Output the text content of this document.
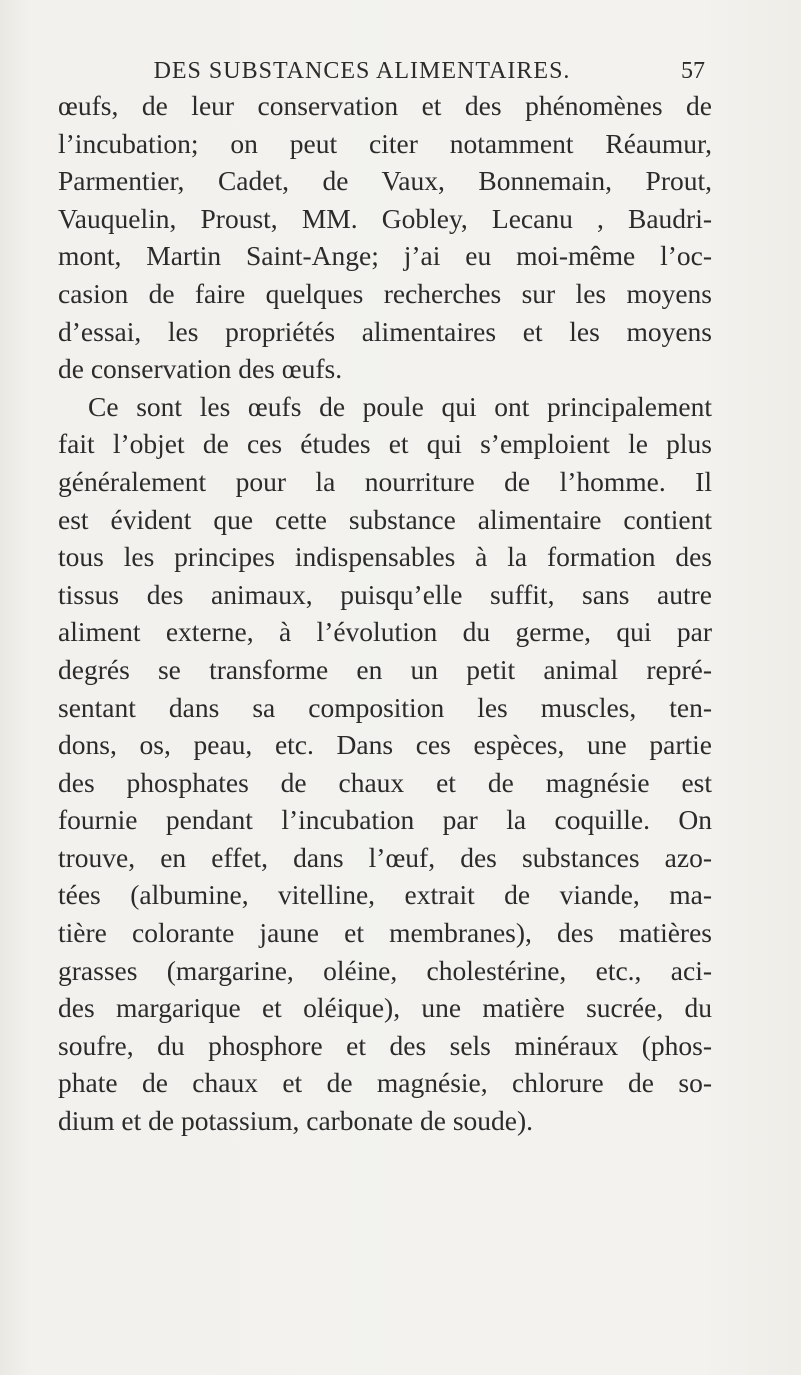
DES SUBSTANCES ALIMENTAIRES.	57
œufs, de leur conservation et des phénomènes de
l’incubation; on peut citer notamment Réaumur,
Parmentier, Cadet, de Vaux, Bonnemain, Prout,
Vauquelin, Proust, MM. Gobley, Lecanu , Baudri-
mont, Martin Saint-Ange; j’ai eu moi-même l’oc-
casion de faire quelques recherches sur les moyens
d’essai, les propriétés alimentaires et les moyens
de conservation des œufs.
Ce sont les œufs de poule qui ont principalement
fait l’objet de ces études et qui s’emploient le plus
généralement pour la nourriture de l’homme. Il
est évident que cette substance alimentaire contient
tous les principes indispensables à la formation des
tissus des animaux, puisqu’elle suffit, sans autre
aliment externe, à l’évolution du germe, qui par
degrés se transforme en un petit animal repré-
sentant dans sa composition les muscles, ten-
dons, os, peau, etc. Dans ces espèces, une partie
des phosphates de chaux et de magnésie est
fournie pendant l’incubation par la coquille. On
trouve, en effet, dans l’œuf, des substances azo-
tées (albumine, vitelline, extrait de viande, ma-
tière colorante jaune et membranes), des matières
grasses (margarine, oléine, cholestérine, etc., aci-
des margarique et oléique), une matière sucrée, du
soufre, du phosphore et des sels minéraux (phos-
phate de chaux et de magnésie, chlorure de so-
dium et de potassium, carbonate de soude).
